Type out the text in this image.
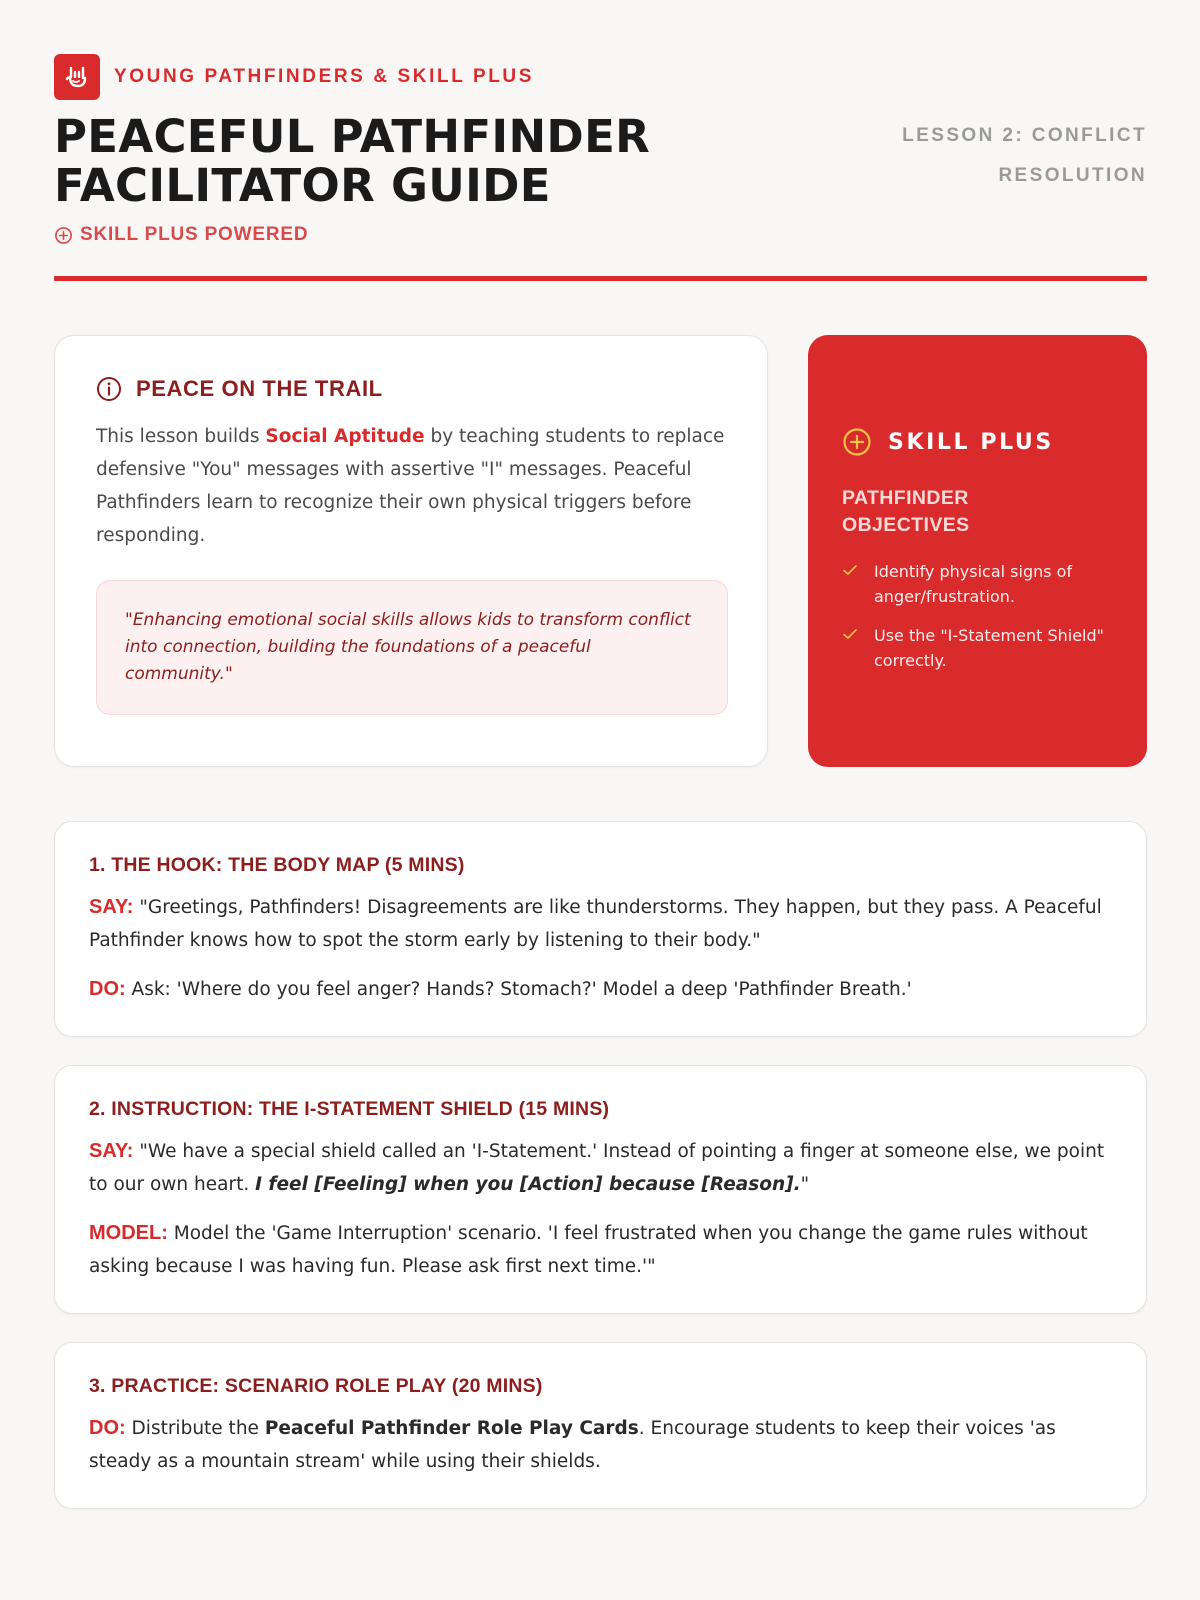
YOUNG PATHFINDERS & SKILL PLUS
PEACEFUL PATHFINDER
FACILITATOR GUIDE
LESSON 2: CONFLICT
RESOLUTION
SKILL PLUS POWERED
PEACE ON THE TRAIL

This lesson builds Social Aptitude by teaching students to replace defensive "You" messages with assertive "I" messages. Peaceful Pathfinders learn to recognize their own physical triggers before responding.

"Enhancing emotional social skills allows kids to transform conflict into connection, building the foundations of a peaceful community."
SKILL PLUS
PATHFINDER
OBJECTIVES
Identify physical signs of anger/frustration.
Use the "I-Statement Shield" correctly.
1. THE HOOK: THE BODY MAP (5 MINS)

SAY: "Greetings, Pathfinders! Disagreements are like thunderstorms. They happen, but they pass. A Peaceful Pathfinder knows how to spot the storm early by listening to their body."

DO: Ask: 'Where do you feel anger? Hands? Stomach?' Model a deep 'Pathfinder Breath.'

2. INSTRUCTION: THE I-STATEMENT SHIELD (15 MINS)

SAY: "We have a special shield called an 'I-Statement.' Instead of pointing a finger at someone else, we point to our own heart. I feel [Feeling] when you [Action] because [Reason]."

MODEL: Model the 'Game Interruption' scenario. 'I feel frustrated when you change the game rules without asking because I was having fun. Please ask first next time.'"

3. PRACTICE: SCENARIO ROLE PLAY (20 MINS)

DO: Distribute the Peaceful Pathfinder Role Play Cards. Encourage students to keep their voices 'as steady as a mountain stream' while using their shields.
